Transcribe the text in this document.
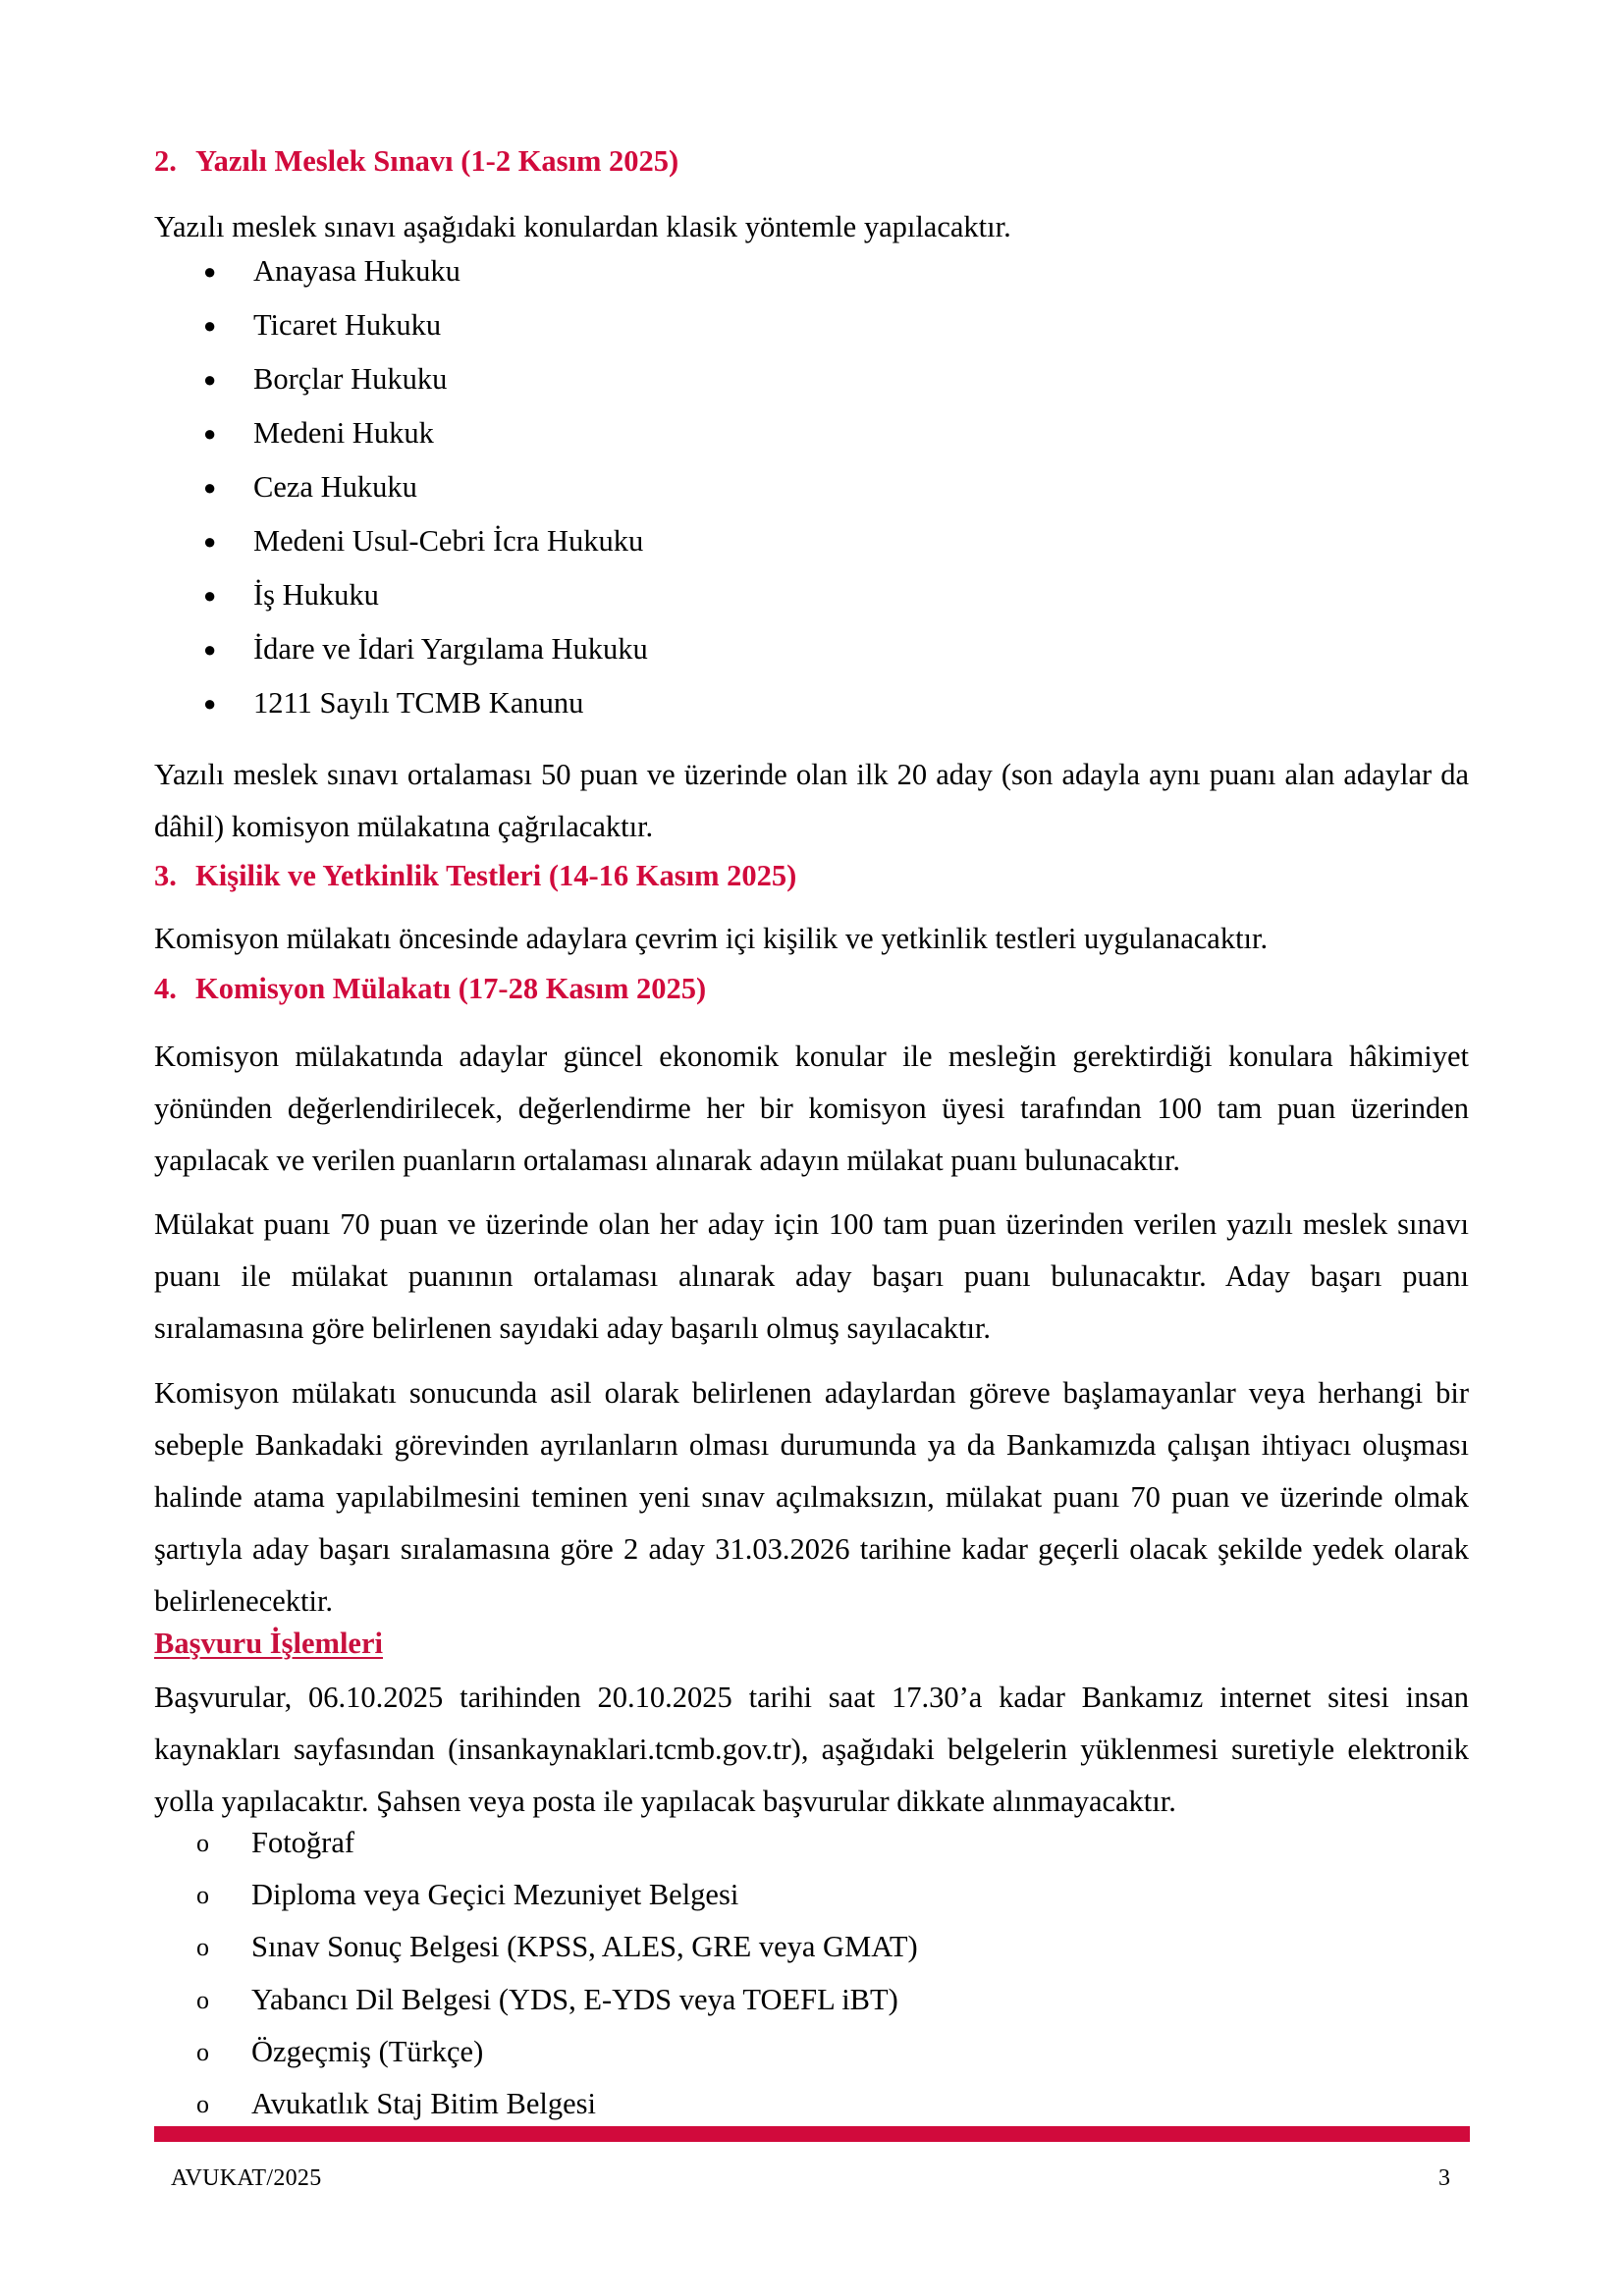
2. Yazılı Meslek Sınavı (1-2 Kasım 2025)

Yazılı meslek sınavı aşağıdaki konulardan klasik yöntemle yapılacaktır.

● Anayasa Hukuku
● Ticaret Hukuku
● Borçlar Hukuku
● Medeni Hukuk
● Ceza Hukuku
● Medeni Usul-Cebri İcra Hukuku
● İş Hukuku
● İdare ve İdari Yargılama Hukuku
● 1211 Sayılı TCMB Kanunu

Yazılı meslek sınavı ortalaması 50 puan ve üzerinde olan ilk 20 aday (son adayla aynı puanı alan adaylar da dâhil) komisyon mülakatına çağrılacaktır.

3. Kişilik ve Yetkinlik Testleri (14-16 Kasım 2025)

Komisyon mülakatı öncesinde adaylara çevrim içi kişilik ve yetkinlik testleri uygulanacaktır.

4. Komisyon Mülakatı (17-28 Kasım 2025)

Komisyon mülakatında adaylar güncel ekonomik konular ile mesleğin gerektirdiği konulara hâkimiyet yönünden değerlendirilecek, değerlendirme her bir komisyon üyesi tarafından 100 tam puan üzerinden yapılacak ve verilen puanların ortalaması alınarak adayın mülakat puanı bulunacaktır.

Mülakat puanı 70 puan ve üzerinde olan her aday için 100 tam puan üzerinden verilen yazılı meslek sınavı puanı ile mülakat puanının ortalaması alınarak aday başarı puanı bulunacaktır. Aday başarı puanı sıralamasına göre belirlenen sayıdaki aday başarılı olmuş sayılacaktır.

Komisyon mülakatı sonucunda asil olarak belirlenen adaylardan göreve başlamayanlar veya herhangi bir sebeple Bankadaki görevinden ayrılanların olması durumunda ya da Bankamızda çalışan ihtiyacı oluşması halinde atama yapılabilmesini teminen yeni sınav açılmaksızın, mülakat puanı 70 puan ve üzerinde olmak şartıyla aday başarı sıralamasına göre 2 aday 31.03.2026 tarihine kadar geçerli olacak şekilde yedek olarak belirlenecektir.

Başvuru İşlemleri

Başvurular, 06.10.2025 tarihinden 20.10.2025 tarihi saat 17.30’a kadar Bankamız internet sitesi insan kaynakları sayfasından (insankaynaklari.tcmb.gov.tr), aşağıdaki belgelerin yüklenmesi suretiyle elektronik yolla yapılacaktır. Şahsen veya posta ile yapılacak başvurular dikkate alınmayacaktır.

o Fotoğraf
o Diploma veya Geçici Mezuniyet Belgesi
o Sınav Sonuç Belgesi (KPSS, ALES, GRE veya GMAT)
o Yabancı Dil Belgesi (YDS, E-YDS veya TOEFL iBT)
o Özgeçmiş (Türkçe)
o Avukatlık Staj Bitim Belgesi
AVUKAT/2025	3
